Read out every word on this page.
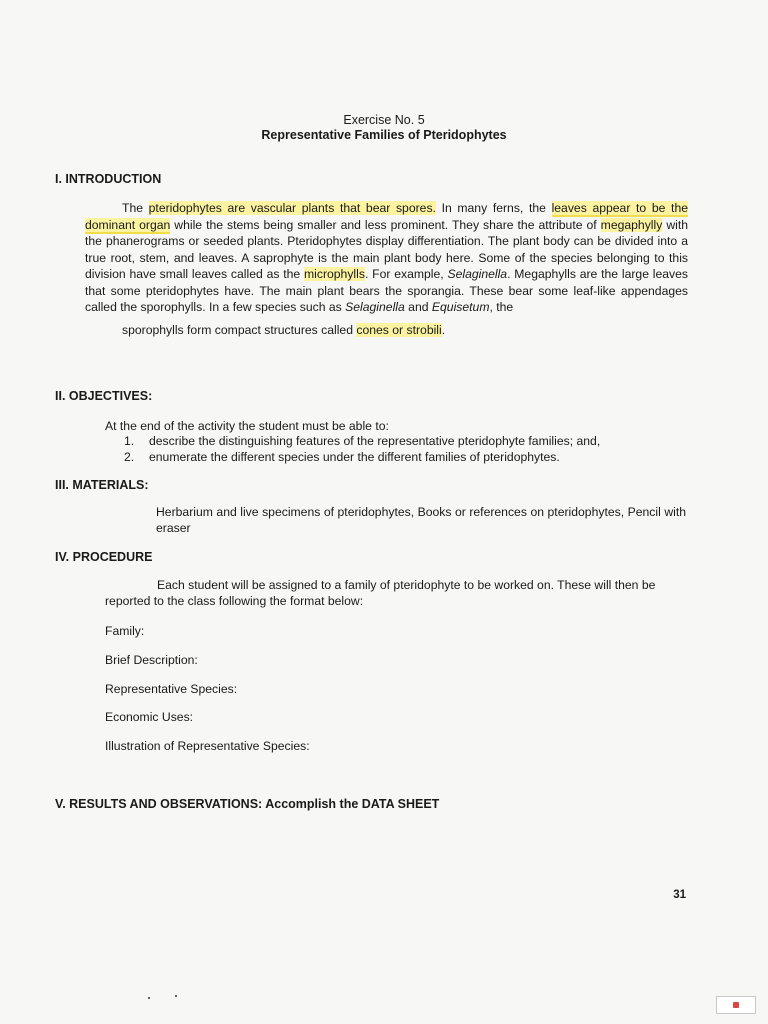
Exercise No. 5
Representative Families of Pteridophytes
I. INTRODUCTION
The pteridophytes are vascular plants that bear spores. In many ferns, the leaves appear to be the dominant organ while the stems being smaller and less prominent. They share the attribute of megaphylly with the phanerograms or seeded plants. Pteridophytes display differentiation. The plant body can be divided into a true root, stem, and leaves. A saprophyte is the main plant body here. Some of the species belonging to this division have small leaves called as the microphylls. For example, Selaginella. Megaphylls are the large leaves that some pteridophytes have. The main plant bears the sporangia. These bear some leaf-like appendages called the sporophylls. In a few species such as Selaginella and Equisetum, the
sporophylls form compact structures called cones or strobili.
II. OBJECTIVES:
At the end of the activity the student must be able to:
1.	describe the distinguishing features of the representative pteridophyte families; and,
2.	enumerate the different species under the different families of pteridophytes.
III. MATERIALS:
Herbarium and live specimens of pteridophytes, Books or references on pteridophytes, Pencil with eraser
IV. PROCEDURE
Each student will be assigned to a family of pteridophyte to be worked on. These will then be reported to the class following the format below:
Family:
Brief Description:
Representative Species:
Economic Uses:
Illustration of Representative Species:
V. RESULTS AND OBSERVATIONS: Accomplish the DATA SHEET
31
